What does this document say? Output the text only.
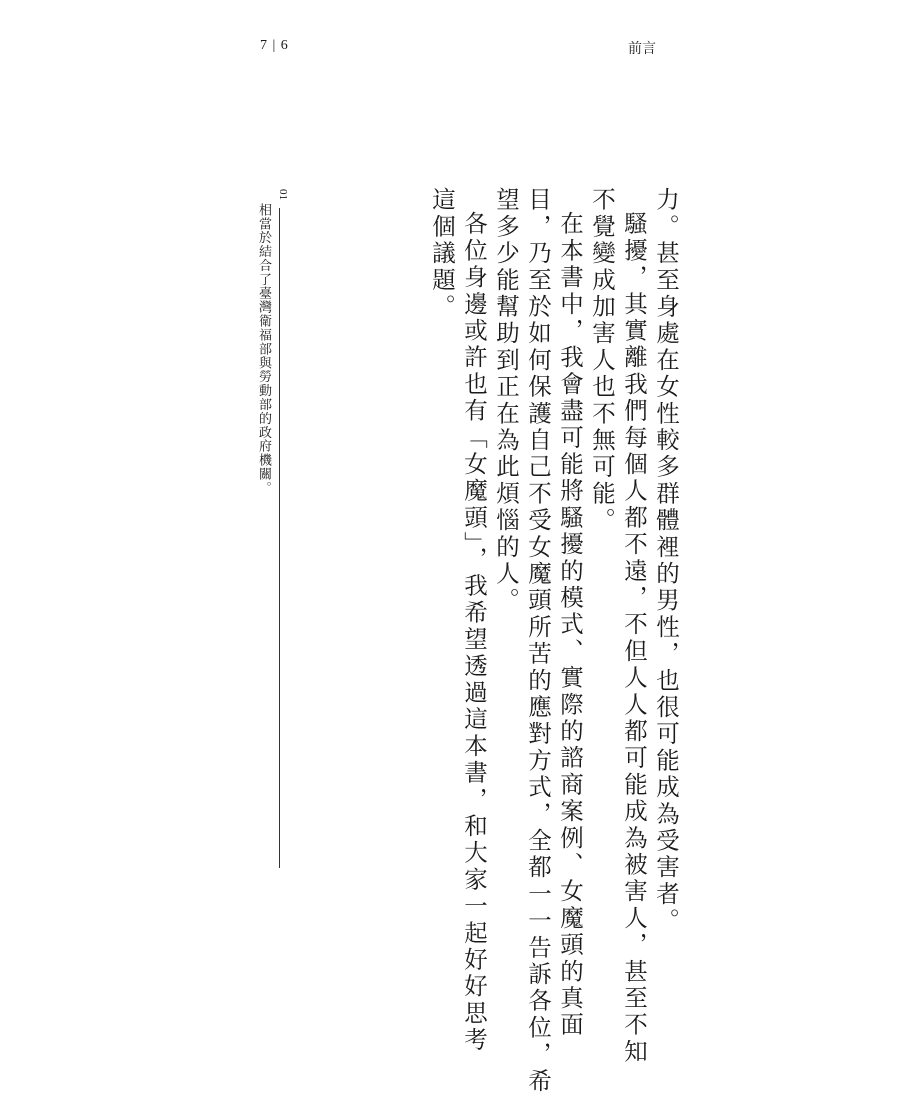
7 | 6	前言
力。甚至身處在女性較多群體裡的男性，也很可能成為受害者。
騷擾，其實離我們每個人都不遠，不但人人都可能成為被害人，甚至不知
不覺變成加害人也不無可能。
在本書中，我會盡可能將騷擾的模式、實際的諮商案例、女魔頭的真面
目，乃至於如何保護自己不受女魔頭所苦的應對方式，全都一一告訴各位，希
望多少能幫助到正在為此煩惱的人。
各位身邊或許也有「女魔頭」，我希望透過這本書，和大家一起好好思考
這個議題。
01
相當於結合了臺灣衛福部與勞動部的政府機關。
